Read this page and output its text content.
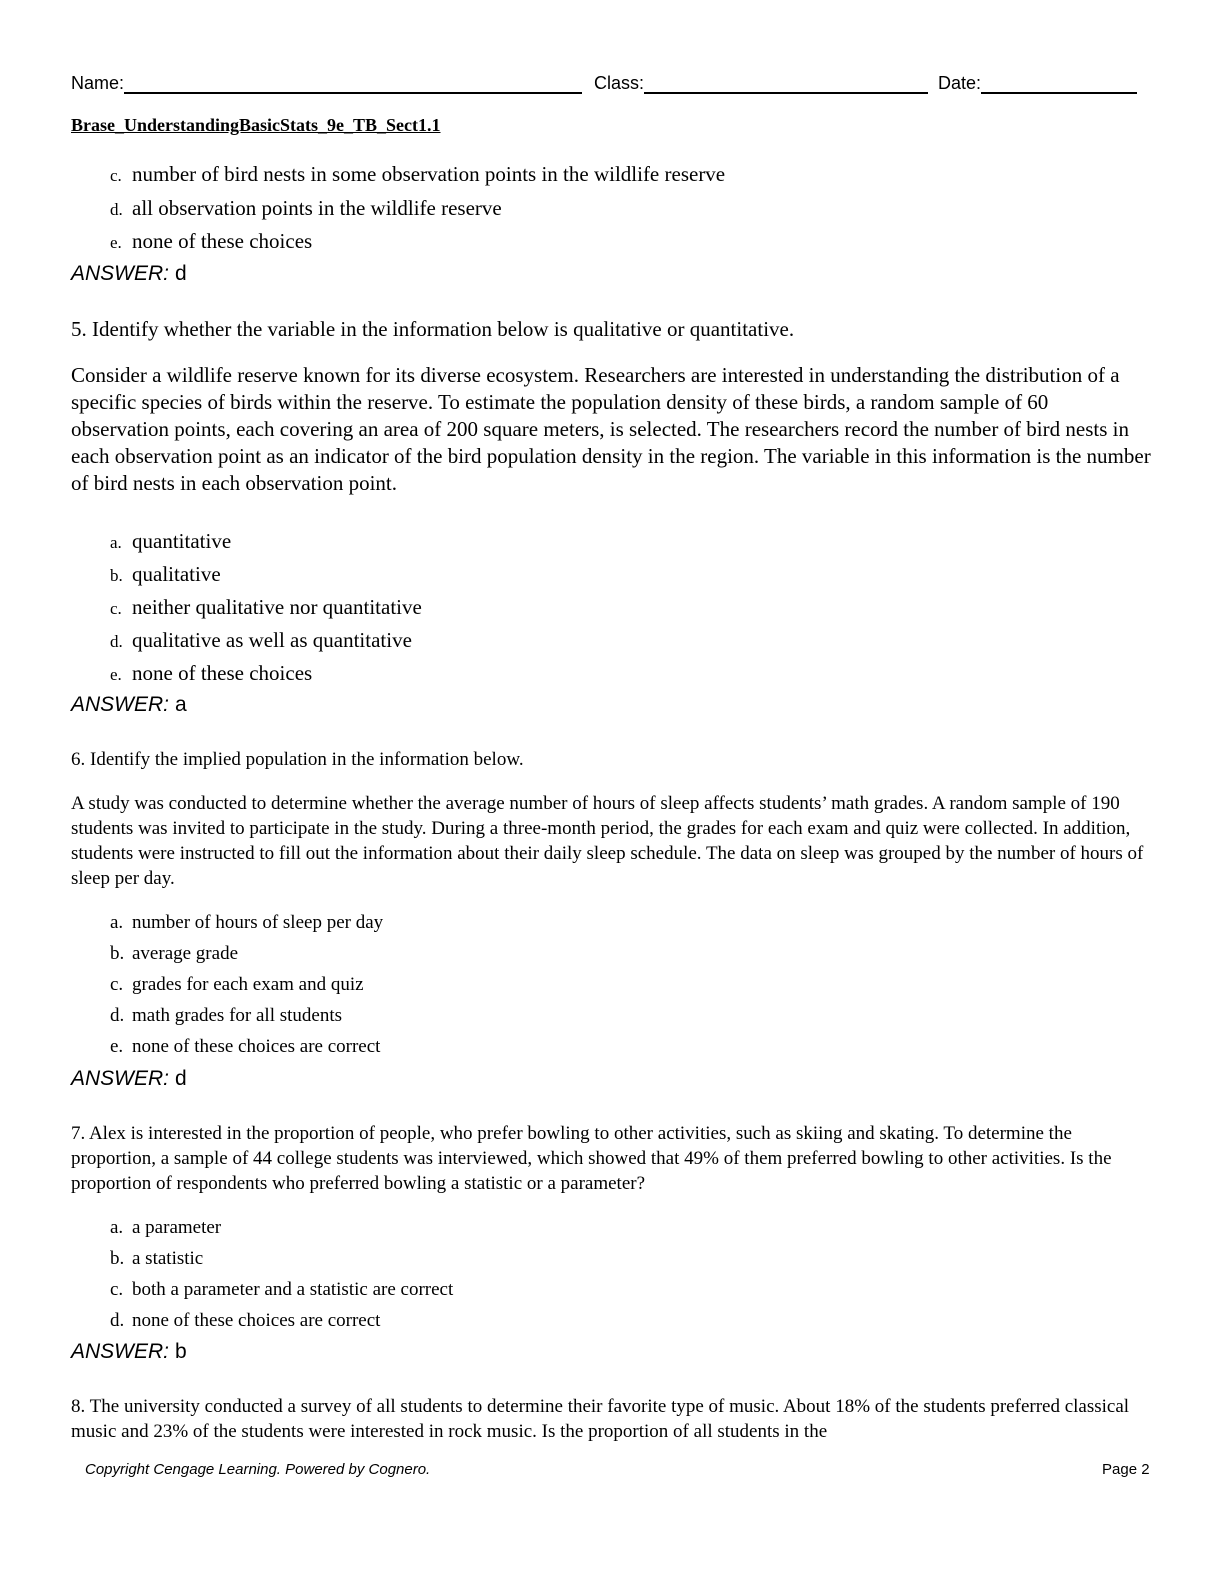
Name:	Class:	Date:
Brase_UnderstandingBasicStats_9e_TB_Sect1.1
c. number of bird nests in some observation points in the wildlife reserve
d. all observation points in the wildlife reserve
e. none of these choices
ANSWER: d
5. Identify whether the variable in the information below is qualitative or quantitative.
Consider a wildlife reserve known for its diverse ecosystem. Researchers are interested in understanding the distribution of a specific species of birds within the reserve. To estimate the population density of these birds, a random sample of 60 observation points, each covering an area of 200 square meters, is selected. The researchers record the number of bird nests in each observation point as an indicator of the bird population density in the region. The variable in this information is the number of bird nests in each observation point.
a. quantitative
b. qualitative
c. neither qualitative nor quantitative
d. qualitative as well as quantitative
e. none of these choices
ANSWER: a
6. Identify the implied population in the information below.
A study was conducted to determine whether the average number of hours of sleep affects students’ math grades. A random sample of 190 students was invited to participate in the study. During a three-month period, the grades for each exam and quiz were collected. In addition, students were instructed to fill out the information about their daily sleep schedule. The data on sleep was grouped by the number of hours of sleep per day.
a. number of hours of sleep per day
b. average grade
c. grades for each exam and quiz
d. math grades for all students
e. none of these choices are correct
ANSWER: d
7. Alex is interested in the proportion of people, who prefer bowling to other activities, such as skiing and skating. To determine the proportion, a sample of 44 college students was interviewed, which showed that 49% of them preferred bowling to other activities. Is the proportion of respondents who preferred bowling a statistic or a parameter?
a. a parameter
b. a statistic
c. both a parameter and a statistic are correct
d. none of these choices are correct
ANSWER: b
8. The university conducted a survey of all students to determine their favorite type of music. About 18% of the students preferred classical music and 23% of the students were interested in rock music. Is the proportion of all students in the
Copyright Cengage Learning. Powered by Cognero.	Page 2
